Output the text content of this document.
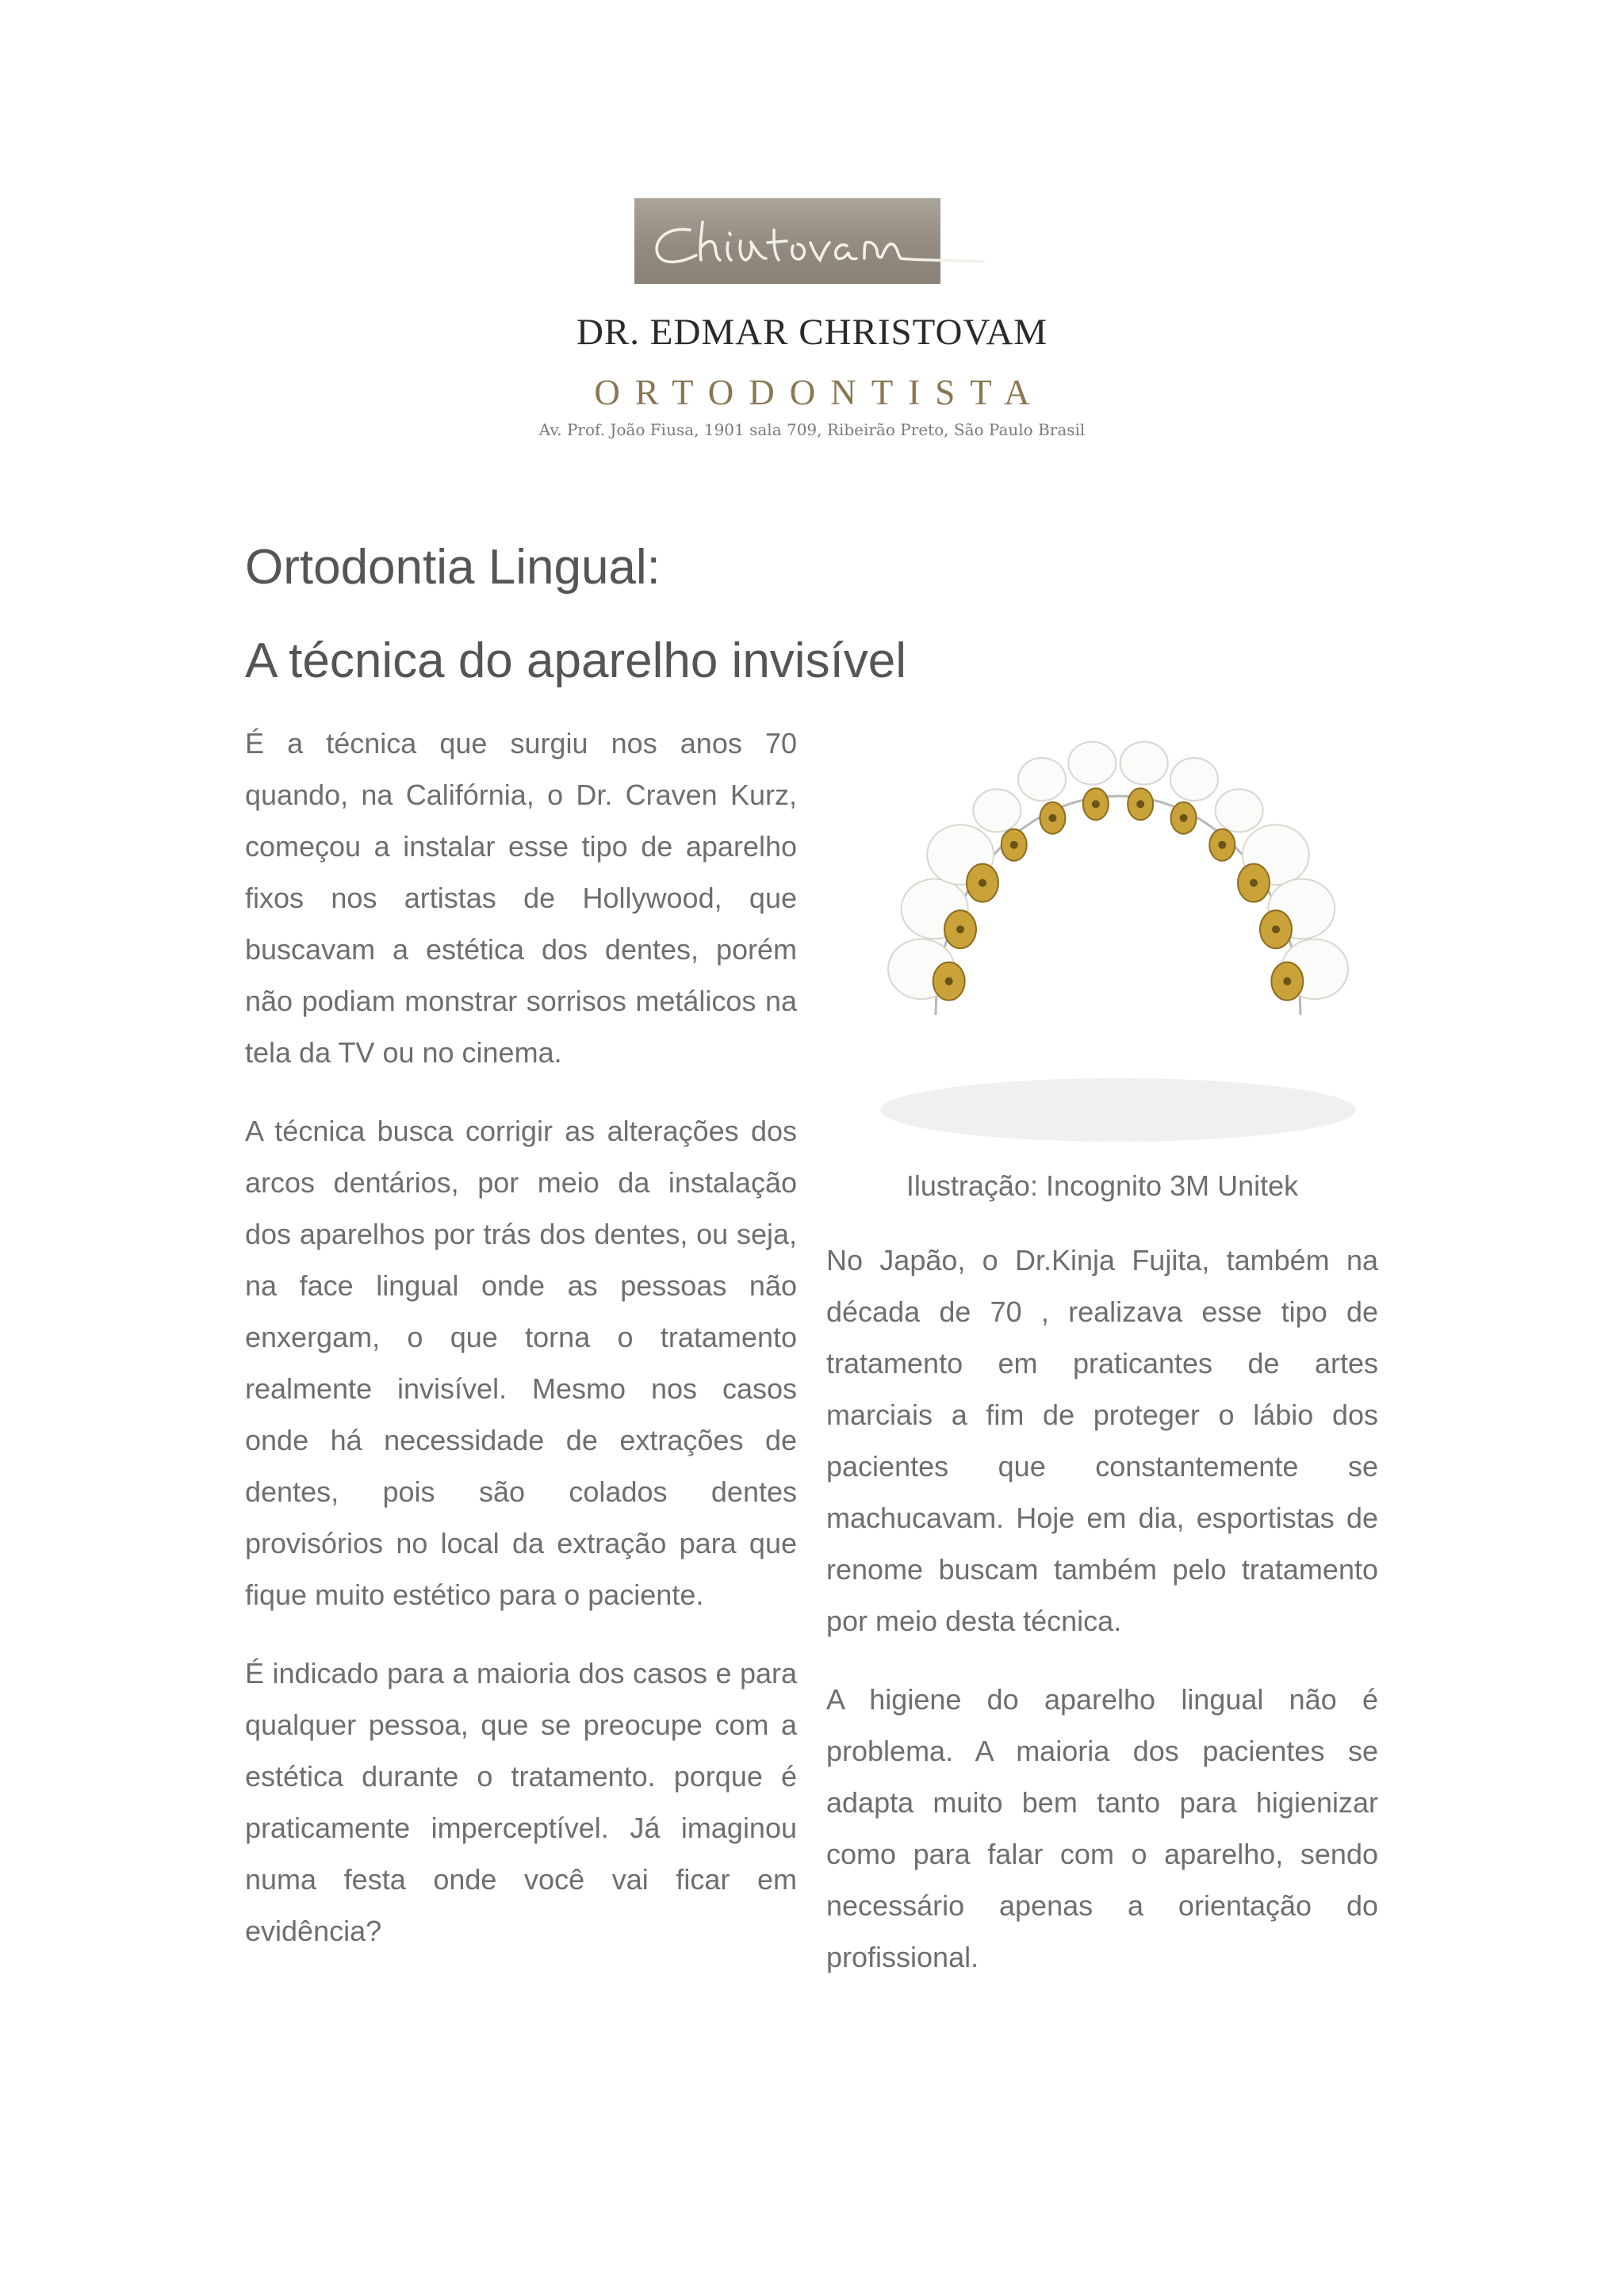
DR. EDMAR CHRISTOVAM
ORTODONTISTA
Av. Prof. João Fiusa, 1901 sala 709, Ribeirão Preto, São Paulo Brasil
Ortodontia Lingual:
A técnica do aparelho invisível

É a técnica que surgiu nos anos 70 quando, na Califórnia, o Dr. Craven Kurz, começou a instalar esse tipo de aparelho fixos nos artistas de Hollywood, que buscavam a estética dos dentes, porém não podiam monstrar sorrisos metálicos na tela da TV ou no cinema.

A técnica busca corrigir as alterações dos arcos dentários, por meio da instalação dos aparelhos por trás dos dentes, ou seja, na face lingual onde as pessoas não enxergam, o que torna o tratamento realmente invisível. Mesmo nos casos onde há necessidade de extrações de dentes, pois são colados dentes provisórios no local da extração para que fique muito estético para o paciente.

É indicado para a maioria dos casos e para qualquer pessoa, que se preocupe com a estética durante o tratamento. porque é praticamente imperceptível. Já imaginou numa festa onde você vai ficar em evidência?

Ilustração: Incognito 3M Unitek

No Japão, o Dr.Kinja Fujita, também na década de 70 , realizava esse tipo de tratamento em praticantes de artes marciais a fim de proteger o lábio dos pacientes que constantemente se machucavam. Hoje em dia, esportistas de renome buscam também pelo tratamento por meio desta técnica.

A higiene do aparelho lingual não é problema. A maioria dos pacientes se adapta muito bem tanto para higienizar como para falar com o aparelho, sendo necessário apenas a orientação do profissional.
